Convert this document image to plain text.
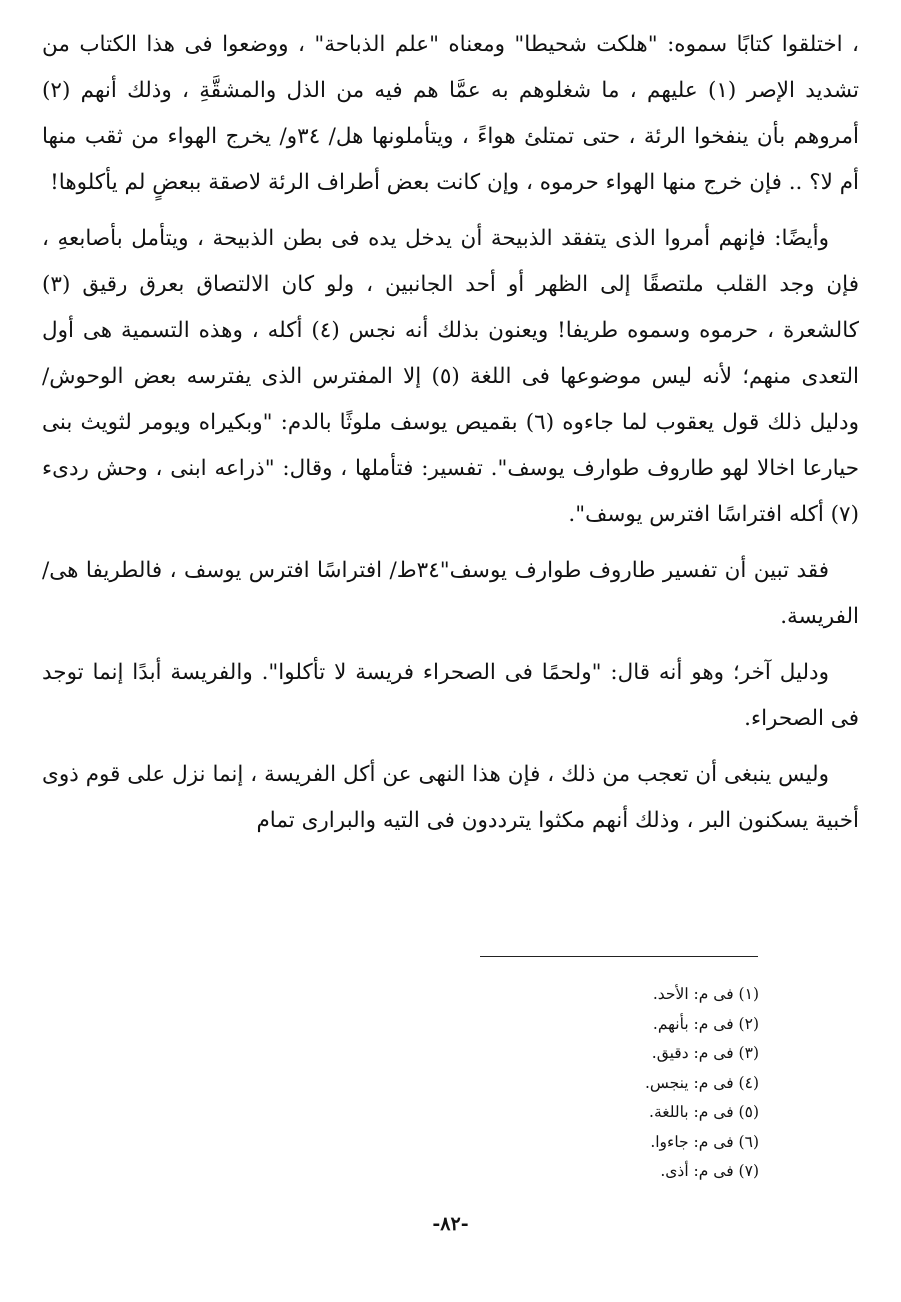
، اختلقوا كتابًا سموه: "هلكت شحيطا" ومعناه "علم الذباحة" ، ووضعوا فى هذا الكتاب من تشديد الإصر (١) عليهم ، ما شغلوهم به عمَّا هم فيه من الذل والمشقَّةِ ، وذلك أنهم (٢) أمروهم بأن ينفخوا الرئة ، حتى تمتلئ هواءً ، ويتأملونها هل/ ٣٤و/ يخرج الهواء من ثقب منها أم لا؟ .. فإن خرج منها الهواء حرموه ، وإن كانت بعض أطراف الرئة لاصقة ببعضٍ لم يأكلوها!

وأيضًا: فإنهم أمروا الذى يتفقد الذبيحة أن يدخل يده فى بطن الذبيحة ، ويتأمل بأصابعهِ ، فإن وجد القلب ملتصقًا إلى الظهر أو أحد الجانبين ، ولو كان الالتصاق بعرق رقيق (٣) كالشعرة ، حرموه وسموه طريفا! ويعنون بذلك أنه نجس (٤) أكله ، وهذه التسمية هى أول التعدى منهم؛ لأنه ليس موضوعها فى اللغة (٥) إلا المفترس الذى يفترسه بعض الوحوش/ ودليل ذلك قول يعقوب لما جاءوه (٦) بقميص يوسف ملوثًا بالدم: "وبكيراه ويومر لثويث بنى حيارعا اخالا لهو طاروف طوارف يوسف". تفسير: فتأملها ، وقال: "ذراعه ابنى ، وحش ردىء (٧) أكله افتراسًا افترس يوسف".

فقد تبين أن تفسير طاروف طوارف يوسف"٣٤ط/ افتراسًا افترس يوسف ، فالطريفا هى/ الفريسة.

ودليل آخر؛ وهو أنه قال: "ولحمًا فى الصحراء فريسة لا تأكلوا". والفريسة أبدًا إنما توجد فى الصحراء.

وليس ينبغى أن تعجب من ذلك ، فإن هذا النهى عن أكل الفريسة ، إنما نزل على قوم ذوى أخبية يسكنون البر ، وذلك أنهم مكثوا يترددون فى التيه والبرارى تمام

(١) فى م: الأحد.
(٢) فى م: بأنهم.
(٣) فى م: دقيق.
(٤) فى م: ينجس.
(٥) فى م: باللغة.
(٦) فى م: جاءوا.
(٧) فى م: أذى.
-٨٢-
